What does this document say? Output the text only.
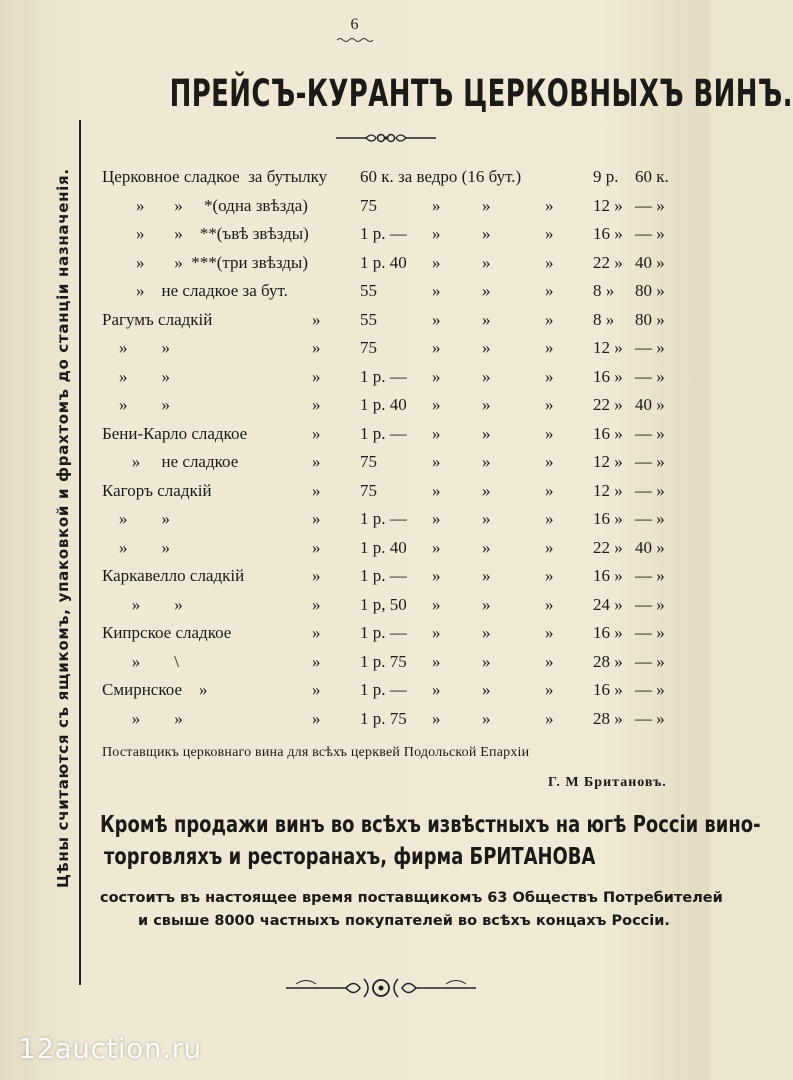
6
ПРЕЙСЪ-КУРАНТЪ ЦЕРКОВНЫХЪ ВИНЪ.
Цѣны считаются съ ящикомъ, упаковкой и фрахтомъ до станцiи назначенiя. Церковное сладкое  за бутылку 60 к. за ведро (16 бут.)	9 р. 60 к.
»       »     *(одна звѣзда)	75	» »	» 12 » — »
»       »    **(ъвѣ звѣзды)	1 р. — » »	» 16 » — »
»       »  ***(три звѣзды)	1 р. 40 » »	» 22 » 40 »
»    не сладкое за бут.	55	» »	» 8 » 80 »
Рагумъ сладкiй	» 55	» »	» 8 » 80 »
»        »	» 75	» »	» 12 » — »
»        »	» 1 р. — » »	» 16 » — »
»        »	» 1 р. 40 » »	» 22 » 40 »
Бени-Карло сладкое	» 1 р. — » »	» 16 » — »
»     не сладкое	» 75	» »	» 12 » — »
Кагоръ сладкiй	» 75	» »	» 12 » — »
»        »	» 1 р. — » »	» 16 » — »
»        »	» 1 р. 40 » »	» 22 » 40 »
Каркавелло сладкiй	» 1 р. — » »	» 16 » — »
»        »	» 1 р, 50 » »	» 24 » — »
Кипрское сладкое	» 1 р. — » »	» 16 » — »
»        \	» 1 р. 75 » »	» 28 » — »
Смирнское    »	» 1 р. — » »	» 16 » — »
»        »	» 1 р. 75 » »	» 28 » — »
Поставщикъ церковнаго вина для всѣхъ церквей Подольской Епархiи
Г. М Британовъ.
Кромѣ продажи винъ во всѣхъ извѣстныхъ на югѣ Россiи вино-
торговляхъ и ресторанахъ, фирма БРИТАНОВА
состоитъ въ настоящее время поставщикомъ 63 Обществъ Потребителей
и свыше 8000 частныхъ покупателей во всѣхъ концахъ Россiи.
12auction.ru
